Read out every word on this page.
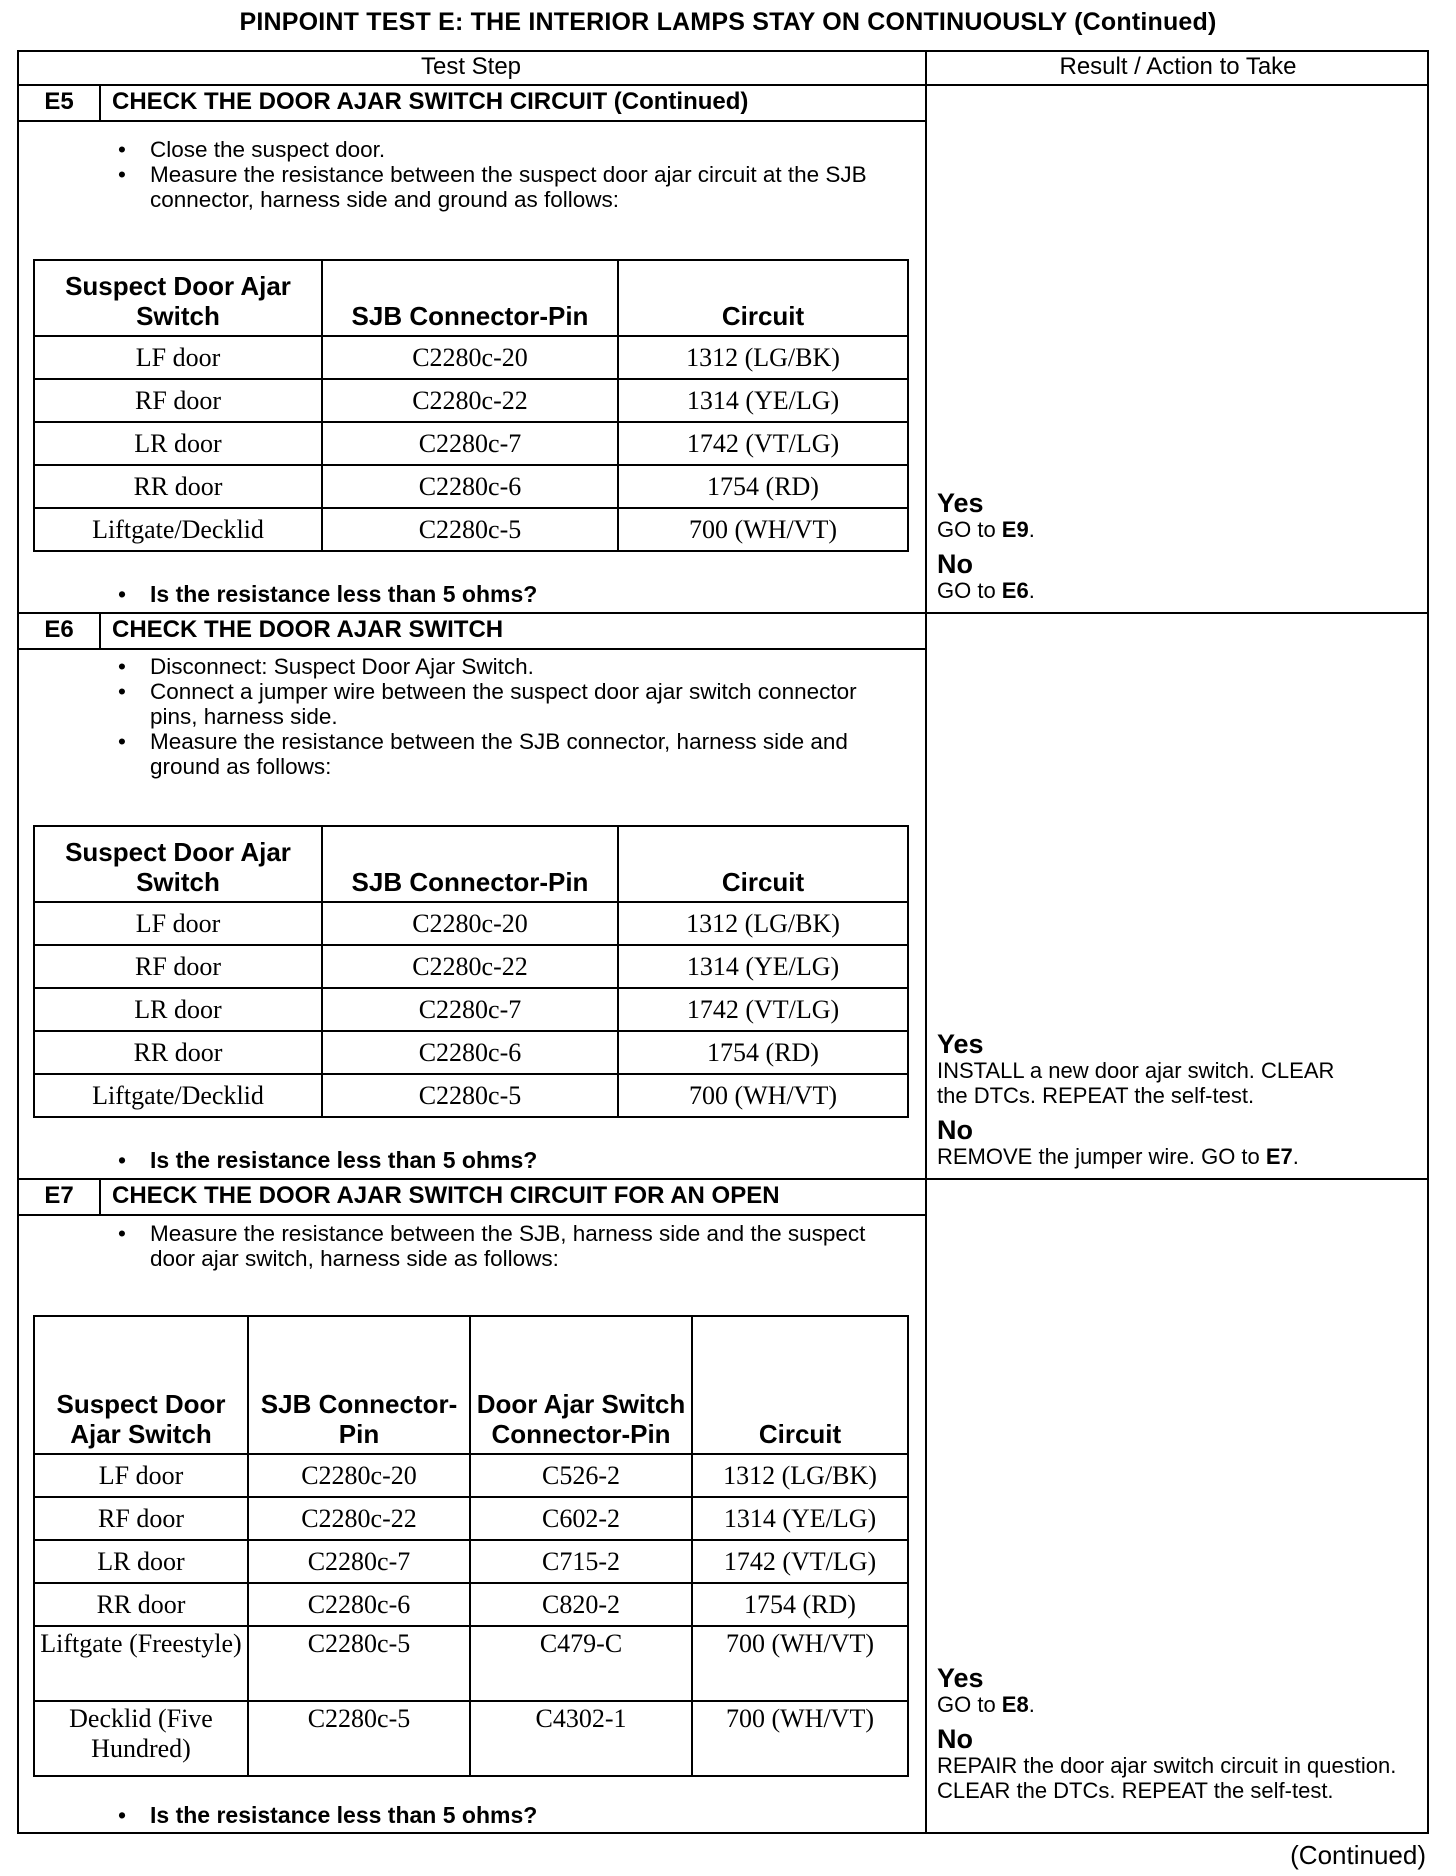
PINPOINT TEST E: THE INTERIOR LAMPS STAY ON CONTINUOUSLY (Continued)
Test Step	Result / Action to Take
E5	CHECK THE DOOR AJAR SWITCH CIRCUIT (Continued)
• Close the suspect door.
• Measure the resistance between the suspect door ajar circuit at the SJB connector, harness side and ground as follows:
Suspect Door Ajar Switch	SJB Connector-Pin	Circuit
LF door	C2280c-20	1312 (LG/BK)
RF door	C2280c-22	1314 (YE/LG)
LR door	C2280c-7	1742 (VT/LG)
RR door	C2280c-6	1754 (RD)
Liftgate/Decklid	C2280c-5	700 (WH/VT)
• Is the resistance less than 5 ohms?
Yes
GO to E9.
No
GO to E6.
E6	CHECK THE DOOR AJAR SWITCH
• Disconnect: Suspect Door Ajar Switch.
• Connect a jumper wire between the suspect door ajar switch connector pins, harness side.
• Measure the resistance between the SJB connector, harness side and ground as follows:
Suspect Door Ajar Switch	SJB Connector-Pin	Circuit
LF door	C2280c-20	1312 (LG/BK)
RF door	C2280c-22	1314 (YE/LG)
LR door	C2280c-7	1742 (VT/LG)
RR door	C2280c-6	1754 (RD)
Liftgate/Decklid	C2280c-5	700 (WH/VT)
• Is the resistance less than 5 ohms?
Yes
INSTALL a new door ajar switch. CLEAR the DTCs. REPEAT the self-test.
No
REMOVE the jumper wire. GO to E7.
E7	CHECK THE DOOR AJAR SWITCH CIRCUIT FOR AN OPEN
• Measure the resistance between the SJB, harness side and the suspect door ajar switch, harness side as follows:
Suspect Door Ajar Switch	SJB Connector-Pin	Door Ajar Switch Connector-Pin	Circuit
LF door	C2280c-20	C526-2	1312 (LG/BK)
RF door	C2280c-22	C602-2	1314 (YE/LG)
LR door	C2280c-7	C715-2	1742 (VT/LG)
RR door	C2280c-6	C820-2	1754 (RD)
Liftgate (Freestyle)	C2280c-5	C479-C	700 (WH/VT)
Decklid (Five Hundred)	C2280c-5	C4302-1	700 (WH/VT)
• Is the resistance less than 5 ohms?
Yes
GO to E8.
No
REPAIR the door ajar switch circuit in question. CLEAR the DTCs. REPEAT the self-test.
(Continued)
